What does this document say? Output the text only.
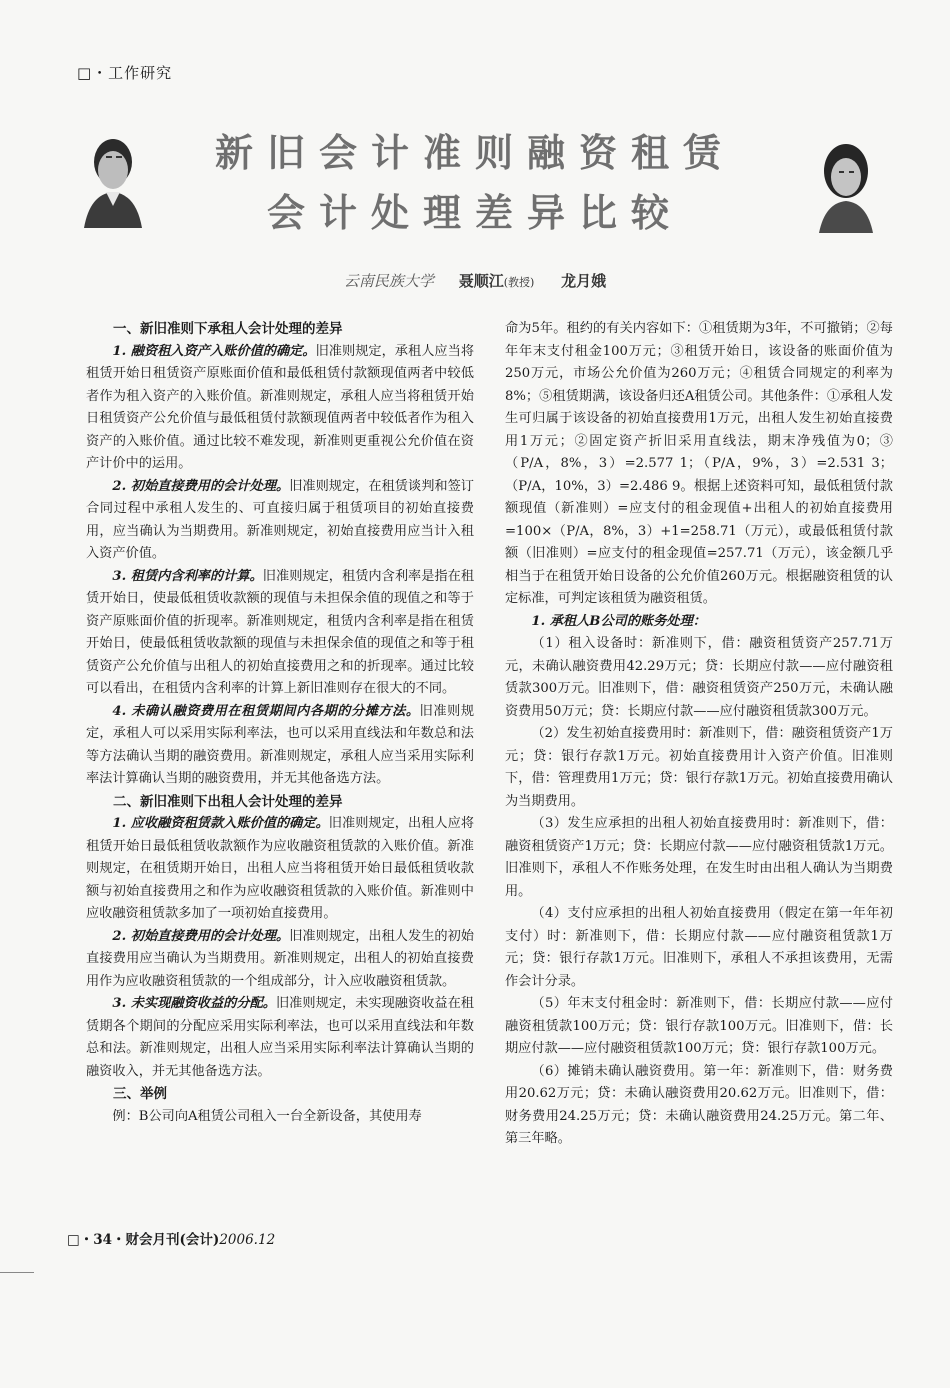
□・工作研究
新旧会计准则融资租赁
会计处理差异比较
云南民族大学 聂顺江(教授) 龙月娥
一、新旧准则下承租人会计处理的差异

1. 融资租入资产入账价值的确定。旧准则规定，承租人应当将租赁开始日租赁资产原账面价值和最低租赁付款额现值两者中较低者作为租入资产的入账价值。新准则规定，承租人应当将租赁开始日租赁资产公允价值与最低租赁付款额现值两者中较低者作为租入资产的入账价值。通过比较不难发现，新准则更重视公允价值在资产计价中的运用。

2. 初始直接费用的会计处理。旧准则规定，在租赁谈判和签订合同过程中承租人发生的、可直接归属于租赁项目的初始直接费用，应当确认为当期费用。新准则规定，初始直接费用应当计入租入资产价值。

3. 租赁内含利率的计算。旧准则规定，租赁内含利率是指在租赁开始日，使最低租赁收款额的现值与未担保余值的现值之和等于资产原账面价值的折现率。新准则规定，租赁内含利率是指在租赁开始日，使最低租赁收款额的现值与未担保余值的现值之和等于租赁资产公允价值与出租人的初始直接费用之和的折现率。通过比较可以看出，在租赁内含利率的计算上新旧准则存在很大的不同。

4. 未确认融资费用在租赁期间内各期的分摊方法。旧准则规定，承租人可以采用实际利率法，也可以采用直线法和年数总和法等方法确认当期的融资费用。新准则规定，承租人应当采用实际利率法计算确认当期的融资费用，并无其他备选方法。

二、新旧准则下出租人会计处理的差异

1. 应收融资租赁款入账价值的确定。旧准则规定，出租人应将租赁开始日最低租赁收款额作为应收融资租赁款的入账价值。新准则规定，在租赁期开始日，出租人应当将租赁开始日最低租赁收款额与初始直接费用之和作为应收融资租赁款的入账价值。新准则中应收融资租赁款多加了一项初始直接费用。

2. 初始直接费用的会计处理。旧准则规定，出租人发生的初始直接费用应当确认为当期费用。新准则规定，出租人的初始直接费用作为应收融资租赁款的一个组成部分，计入应收融资租赁款。

3. 未实现融资收益的分配。旧准则规定，未实现融资收益在租赁期各个期间的分配应采用实际利率法，也可以采用直线法和年数总和法。新准则规定，出租人应当采用实际利率法计算确认当期的融资收入，并无其他备选方法。

三、举例

例：B公司向A租赁公司租入一台全新设备，其使用寿

命为5年。租约的有关内容如下：①租赁期为3年，不可撤销；②每年年末支付租金100万元；③租赁开始日，该设备的账面价值为250万元，市场公允价值为260万元；④租赁合同规定的利率为8%；⑤租赁期满，该设备归还A租赁公司。其他条件：①承租人发生可归属于该设备的初始直接费用1万元，出租人发生初始直接费用1万元；②固定资产折旧采用直线法，期末净残值为0；③（P/A，8%，3）=2.577 1；（P/A，9%，3）=2.531 3；（P/A，10%，3）=2.486 9。根据上述资料可知，最低租赁付款额现值（新准则）=应支付的租金现值+出租人的初始直接费用=100×（P/A，8%，3）+1=258.71（万元），或最低租赁付款额（旧准则）=应支付的租金现值=257.71（万元），该金额几乎相当于在租赁开始日设备的公允价值260万元。根据融资租赁的认定标准，可判定该租赁为融资租赁。

1. 承租人B公司的账务处理：

（1）租入设备时：新准则下，借：融资租赁资产257.71万元，未确认融资费用42.29万元；贷：长期应付款——应付融资租赁款300万元。旧准则下，借：融资租赁资产250万元，未确认融资费用50万元；贷：长期应付款——应付融资租赁款300万元。

（2）发生初始直接费用时：新准则下，借：融资租赁资产1万元；贷：银行存款1万元。初始直接费用计入资产价值。旧准则下，借：管理费用1万元；贷：银行存款1万元。初始直接费用确认为当期费用。

（3）发生应承担的出租人初始直接费用时：新准则下，借：融资租赁资产1万元；贷：长期应付款——应付融资租赁款1万元。旧准则下，承租人不作账务处理，在发生时由出租人确认为当期费用。

（4）支付应承担的出租人初始直接费用（假定在第一年年初支付）时：新准则下，借：长期应付款——应付融资租赁款1万元；贷：银行存款1万元。旧准则下，承租人不承担该费用，无需作会计分录。

（5）年末支付租金时：新准则下，借：长期应付款——应付融资租赁款100万元；贷：银行存款100万元。旧准则下，借：长期应付款——应付融资租赁款100万元；贷：银行存款100万元。

（6）摊销未确认融资费用。第一年：新准则下，借：财务费用20.62万元；贷：未确认融资费用20.62万元。旧准则下，借：财务费用24.25万元；贷：未确认融资费用24.25万元。第二年、第三年略。

□・34・财会月刊(会计)2006.12
